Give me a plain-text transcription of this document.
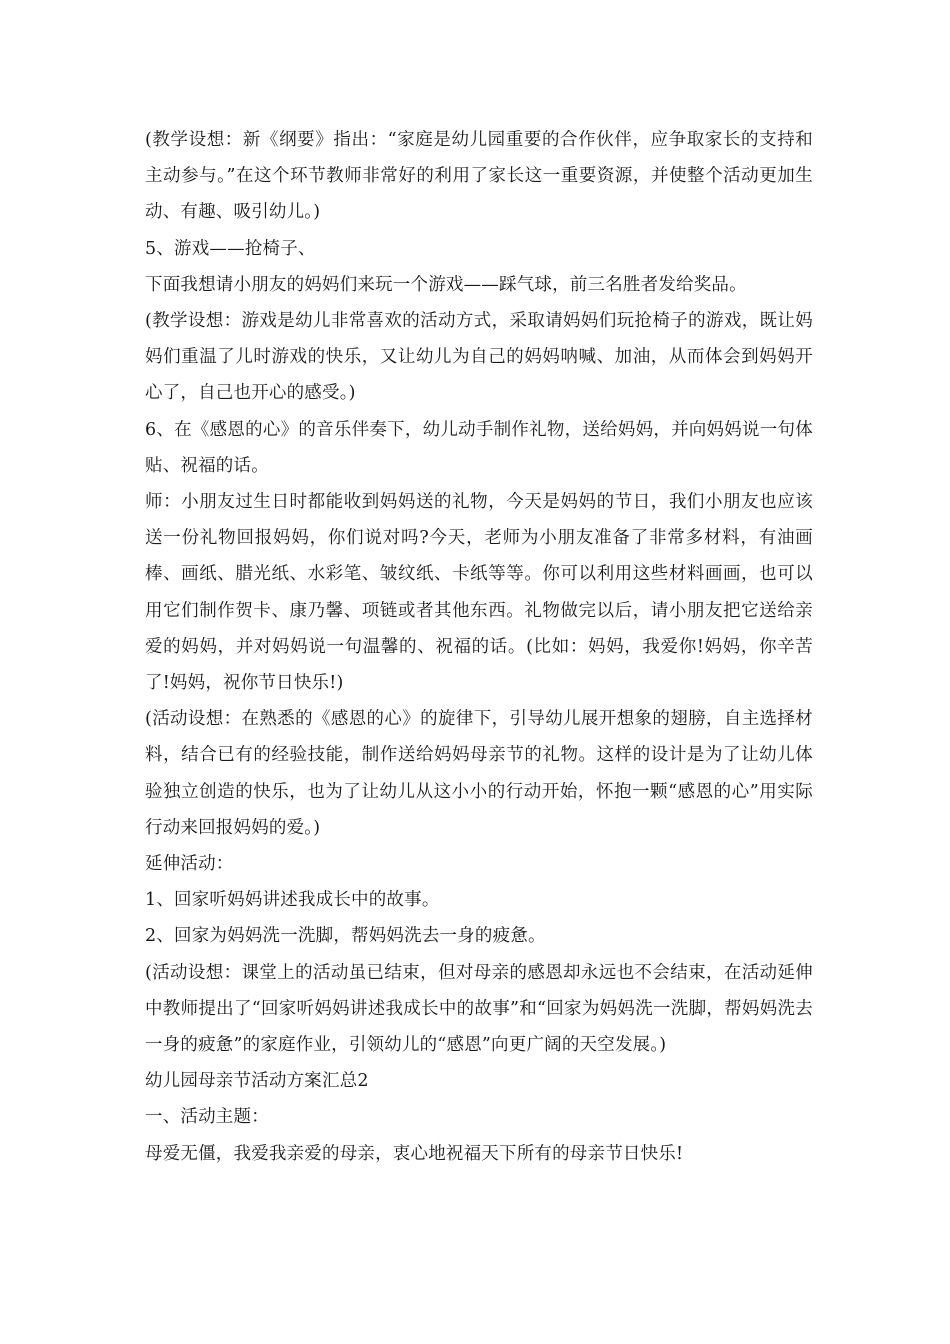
(教学设想：新《纲要》指出：“家庭是幼儿园重要的合作伙伴，应争取家长的支持和主动参与。”在这个环节教师非常好的利用了家长这一重要资源，并使整个活动更加生动、有趣、吸引幼儿。)

5、游戏——抢椅子、

下面我想请小朋友的妈妈们来玩一个游戏——踩气球，前三名胜者发给奖品。

(教学设想：游戏是幼儿非常喜欢的活动方式，采取请妈妈们玩抢椅子的游戏，既让妈妈们重温了儿时游戏的快乐，又让幼儿为自己的妈妈呐喊、加油，从而体会到妈妈开心了，自己也开心的感受。)

6、在《感恩的心》的音乐伴奏下，幼儿动手制作礼物，送给妈妈，并向妈妈说一句体贴、祝福的话。

师：小朋友过生日时都能收到妈妈送的礼物，今天是妈妈的节日，我们小朋友也应该送一份礼物回报妈妈，你们说对吗?今天，老师为小朋友准备了非常多材料，有油画棒、画纸、腊光纸、水彩笔、皱纹纸、卡纸等等。你可以利用这些材料画画，也可以用它们制作贺卡、康乃馨、项链或者其他东西。礼物做完以后，请小朋友把它送给亲爱的妈妈，并对妈妈说一句温馨的、祝福的话。(比如：妈妈，我爱你!妈妈，你辛苦了!妈妈，祝你节日快乐!)

(活动设想：在熟悉的《感恩的心》的旋律下，引导幼儿展开想象的翅膀，自主选择材料，结合已有的经验技能，制作送给妈妈母亲节的礼物。这样的设计是为了让幼儿体验独立创造的快乐，也为了让幼儿从这小小的行动开始，怀抱一颗“感恩的心”用实际行动来回报妈妈的爱。)

延伸活动：

1、回家听妈妈讲述我成长中的故事。

2、回家为妈妈洗一洗脚，帮妈妈洗去一身的疲惫。

(活动设想：课堂上的活动虽已结束，但对母亲的感恩却永远也不会结束，在活动延伸中教师提出了“回家听妈妈讲述我成长中的故事”和“回家为妈妈洗一洗脚，帮妈妈洗去一身的疲惫”的家庭作业，引领幼儿的“感恩”向更广阔的天空发展。)

幼儿园母亲节活动方案汇总2

一、活动主题：

母爱无僵，我爱我亲爱的母亲，衷心地祝福天下所有的母亲节日快乐!
